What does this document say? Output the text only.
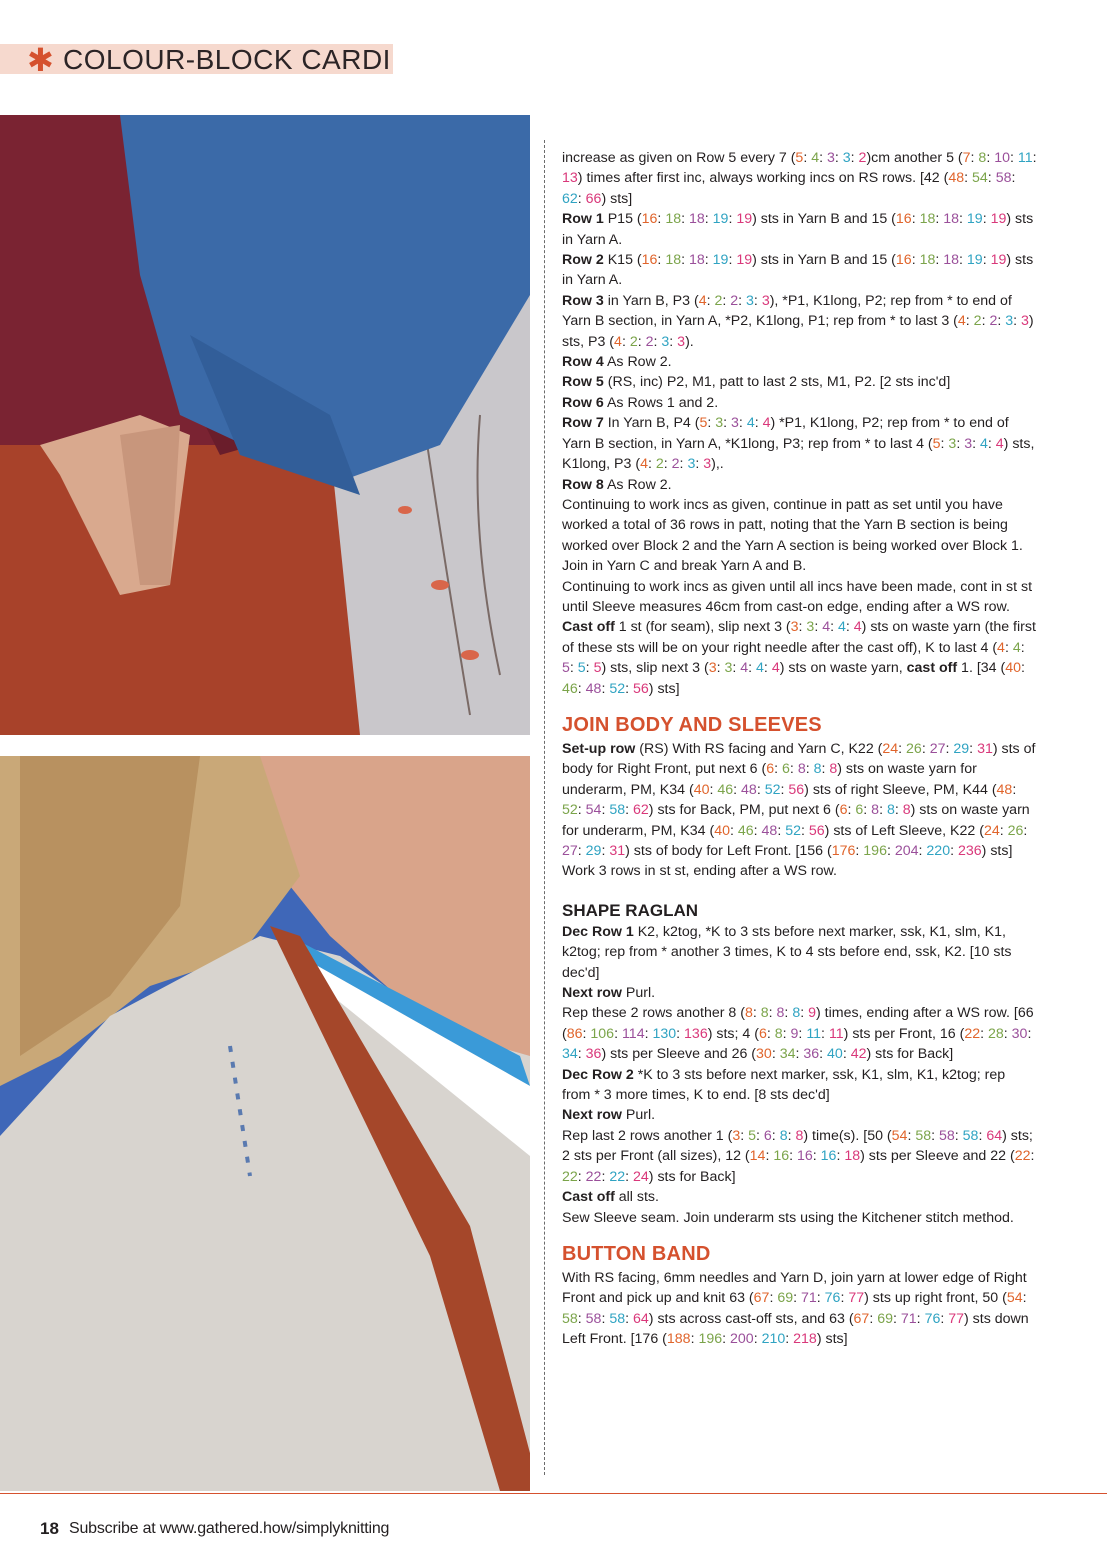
✱ COLOUR-BLOCK CARDI

increase as given on Row 5 every 7 (5: 4: 3: 3: 2)cm another 5 (7: 8: 10: 11: 13) times after first inc, always working incs on RS rows. [42 (48: 54: 58: 62: 66) sts]

Row 1 P15 (16: 18: 18: 19: 19) sts in Yarn B and 15 (16: 18: 18: 19: 19) sts in Yarn A.

Row 2 K15 (16: 18: 18: 19: 19) sts in Yarn B and 15 (16: 18: 18: 19: 19) sts in Yarn A.

Row 3 in Yarn B, P3 (4: 2: 2: 3: 3), *P1, K1long, P2; rep from * to end of Yarn B section, in Yarn A, *P2, K1long, P1; rep from * to last 3 (4: 2: 2: 3: 3) sts, P3 (4: 2: 2: 3: 3).

Row 4 As Row 2.

Row 5 (RS, inc) P2, M1, patt to last 2 sts, M1, P2. [2 sts inc'd]

Row 6 As Rows 1 and 2.

Row 7 In Yarn B, P4 (5: 3: 3: 4: 4) *P1, K1long, P2; rep from * to end of Yarn B section, in Yarn A, *K1long, P3; rep from * to last 4 (5: 3: 3: 4: 4) sts, K1long, P3 (4: 2: 2: 3: 3),.

Row 8 As Row 2.

Continuing to work incs as given, continue in patt as set until you have worked a total of 36 rows in patt, noting that the Yarn B section is being worked over Block 2 and the Yarn A section is being worked over Block 1.

Join in Yarn C and break Yarn A and B.

Continuing to work incs as given until all incs have been made, cont in st st until Sleeve measures 46cm from cast-on edge, ending after a WS row.

Cast off 1 st (for seam), slip next 3 (3: 3: 4: 4: 4) sts on waste yarn (the first of these sts will be on your right needle after the cast off), K to last 4 (4: 4: 5: 5: 5) sts, slip next 3 (3: 3: 4: 4: 4) sts on waste yarn, cast off 1. [34 (40: 46: 48: 52: 56) sts]

JOIN BODY AND SLEEVES

Set-up row (RS) With RS facing and Yarn C, K22 (24: 26: 27: 29: 31) sts of body for Right Front, put next 6 (6: 6: 8: 8: 8) sts on waste yarn for underarm, PM, K34 (40: 46: 48: 52: 56) sts of right Sleeve, PM, K44 (48: 52: 54: 58: 62) sts for Back, PM, put next 6 (6: 6: 8: 8: 8) sts on waste yarn for underarm, PM, K34 (40: 46: 48: 52: 56) sts of Left Sleeve, K22 (24: 26: 27: 29: 31) sts of body for Left Front. [156 (176: 196: 204: 220: 236) sts]

Work 3 rows in st st, ending after a WS row.

SHAPE RAGLAN

Dec Row 1 K2, k2tog, *K to 3 sts before next marker, ssk, K1, slm, K1, k2tog; rep from * another 3 times, K to 4 sts before end, ssk, K2. [10 sts dec'd]

Next row Purl.

Rep these 2 rows another 8 (8: 8: 8: 8: 9) times, ending after a WS row. [66 (86: 106: 114: 130: 136) sts; 4 (6: 8: 9: 11: 11) sts per Front, 16 (22: 28: 30: 34: 36) sts per Sleeve and 26 (30: 34: 36: 40: 42) sts for Back]

Dec Row 2 *K to 3 sts before next marker, ssk, K1, slm, K1, k2tog; rep from * 3 more times, K to end. [8 sts dec'd]

Next row Purl.

Rep last 2 rows another 1 (3: 5: 6: 8: 8) time(s). [50 (54: 58: 58: 58: 64) sts; 2 sts per Front (all sizes), 12 (14: 16: 16: 16: 18) sts per Sleeve and 22 (22: 22: 22: 22: 24) sts for Back]

Cast off all sts.

Sew Sleeve seam. Join underarm sts using the Kitchener stitch method.

BUTTON BAND

With RS facing, 6mm needles and Yarn D, join yarn at lower edge of Right Front and pick up and knit 63 (67: 69: 71: 76: 77) sts up right front, 50 (54: 58: 58: 58: 64) sts across cast-off sts, and 63 (67: 69: 71: 76: 77) sts down Left Front. [176 (188: 196: 200: 210: 218) sts]

18 Subscribe at www.gathered.how/simplyknitting
